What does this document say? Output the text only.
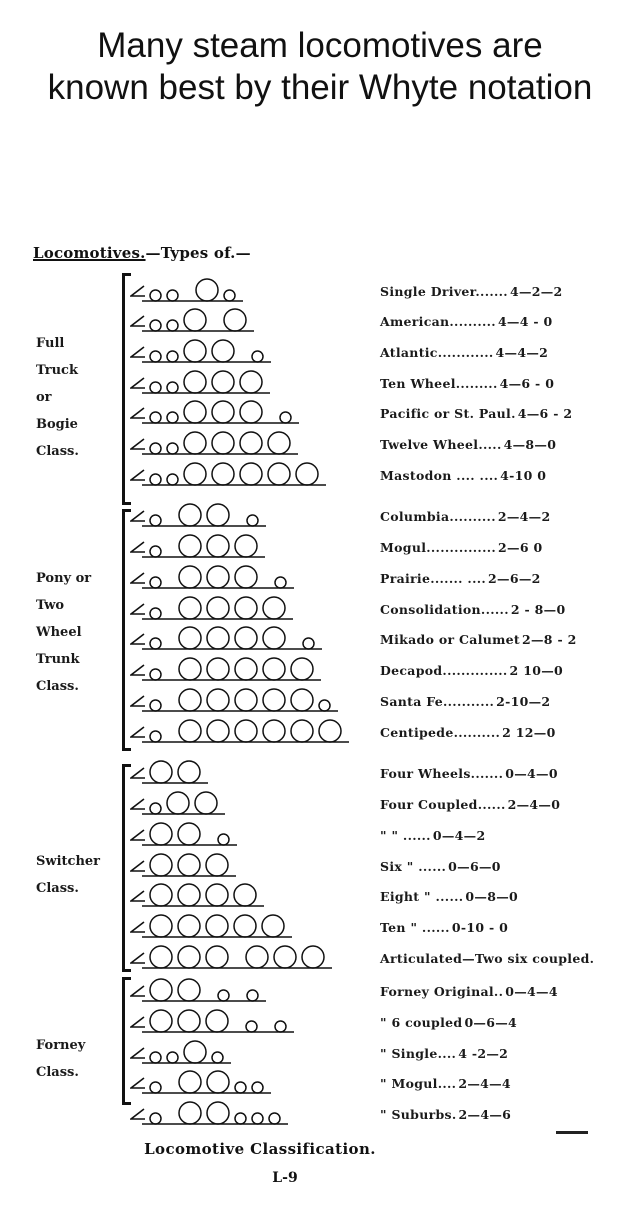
Many steam locomotives are
known best by their Whyte notation
Locomotives.—Types of.—
Full
Truck
or
Bogie
Class.
Pony or
Two
Wheel
Trunk
Class.
Switcher
Class.
Forney
Class.
Single Driver....... 4—2—2
American.......... 4—4 - 0
Atlantic............ 4—4—2
Ten Wheel......... 4—6 - 0
Pacific or St. Paul. 4—6 - 2
Twelve Wheel..... 4—8—0
Mastodon .... .... 4-10 0
Columbia.......... 2—4—2
Mogul............... 2—6 0
Prairie....... .... 2—6—2
Consolidation...... 2 - 8—0
Mikado or Calumet 2—8 - 2
Decapod.............. 2 10—0
Santa Fe........... 2-10—2
Centipede.......... 2 12—0
Four Wheels....... 0—4—0
Four Coupled...... 2—4—0
" " ...... 0—4—2
Six " ...... 0—6—0
Eight " ...... 0—8—0
Ten " ...... 0-10 - 0
Articulated—Two six coupled.
Forney Original.. 0—4—4
" 6 coupled 0—6—4
" Single.... 4 -2—2
" Mogul.... 2—4—4
" Suburbs. 2—4—6
Locomotive Classification.
L-9
